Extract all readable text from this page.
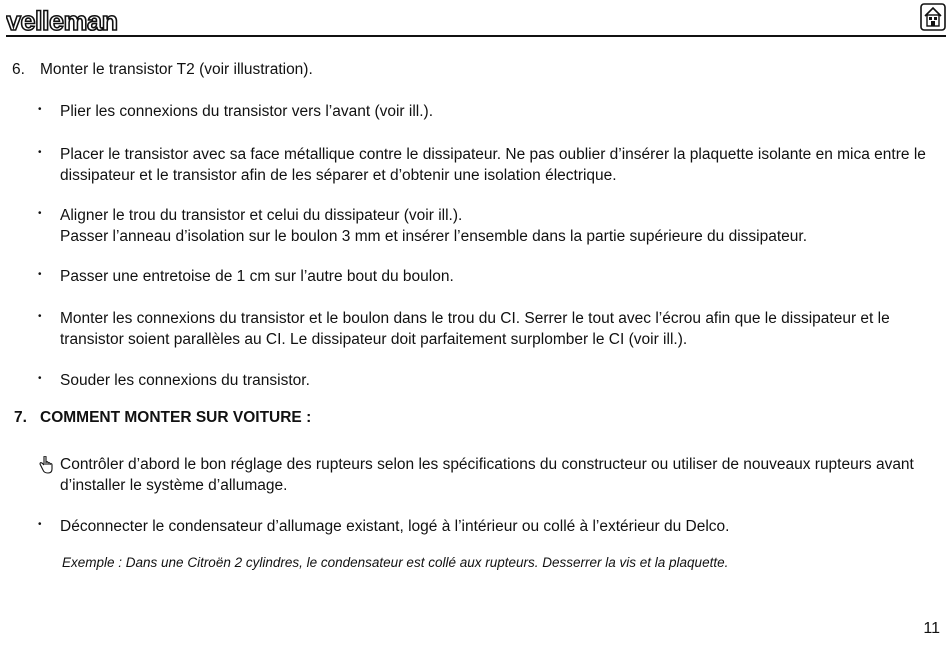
velleman
6. Monter le transistor T2 (voir illustration).
• Plier les connexions du transistor vers l’avant (voir ill.).
• Placer le transistor avec sa face métallique contre le dissipateur. Ne pas oublier d’insérer la plaquette isolante en mica entre le dissipateur et le transistor afin de les séparer et d’obtenir une isolation électrique.
• Aligner le trou du transistor et celui du dissipateur (voir ill.).
Passer l’anneau d’isolation sur le boulon 3 mm et insérer l’ensemble dans la partie supérieure du dissipateur.
• Passer une entretoise de 1 cm sur l’autre bout du boulon.
• Monter les connexions du transistor et le boulon dans le trou du CI. Serrer le tout avec l’écrou afin que le dissipateur et le transistor soient parallèles au CI. Le dissipateur doit parfaitement surplomber le CI (voir ill.).
• Souder les connexions du transistor.
7. COMMENT MONTER SUR VOITURE :
Contrôler d’abord le bon réglage des rupteurs selon les spécifications du constructeur ou utiliser de nouveaux rupteurs avant d’installer le système d’allumage.
• Déconnecter le condensateur d’allumage existant, logé à l’intérieur ou collé à l’extérieur du Delco.
Exemple : Dans une Citroën 2 cylindres, le condensateur est collé aux rupteurs. Desserrer la vis et la plaquette.
11
